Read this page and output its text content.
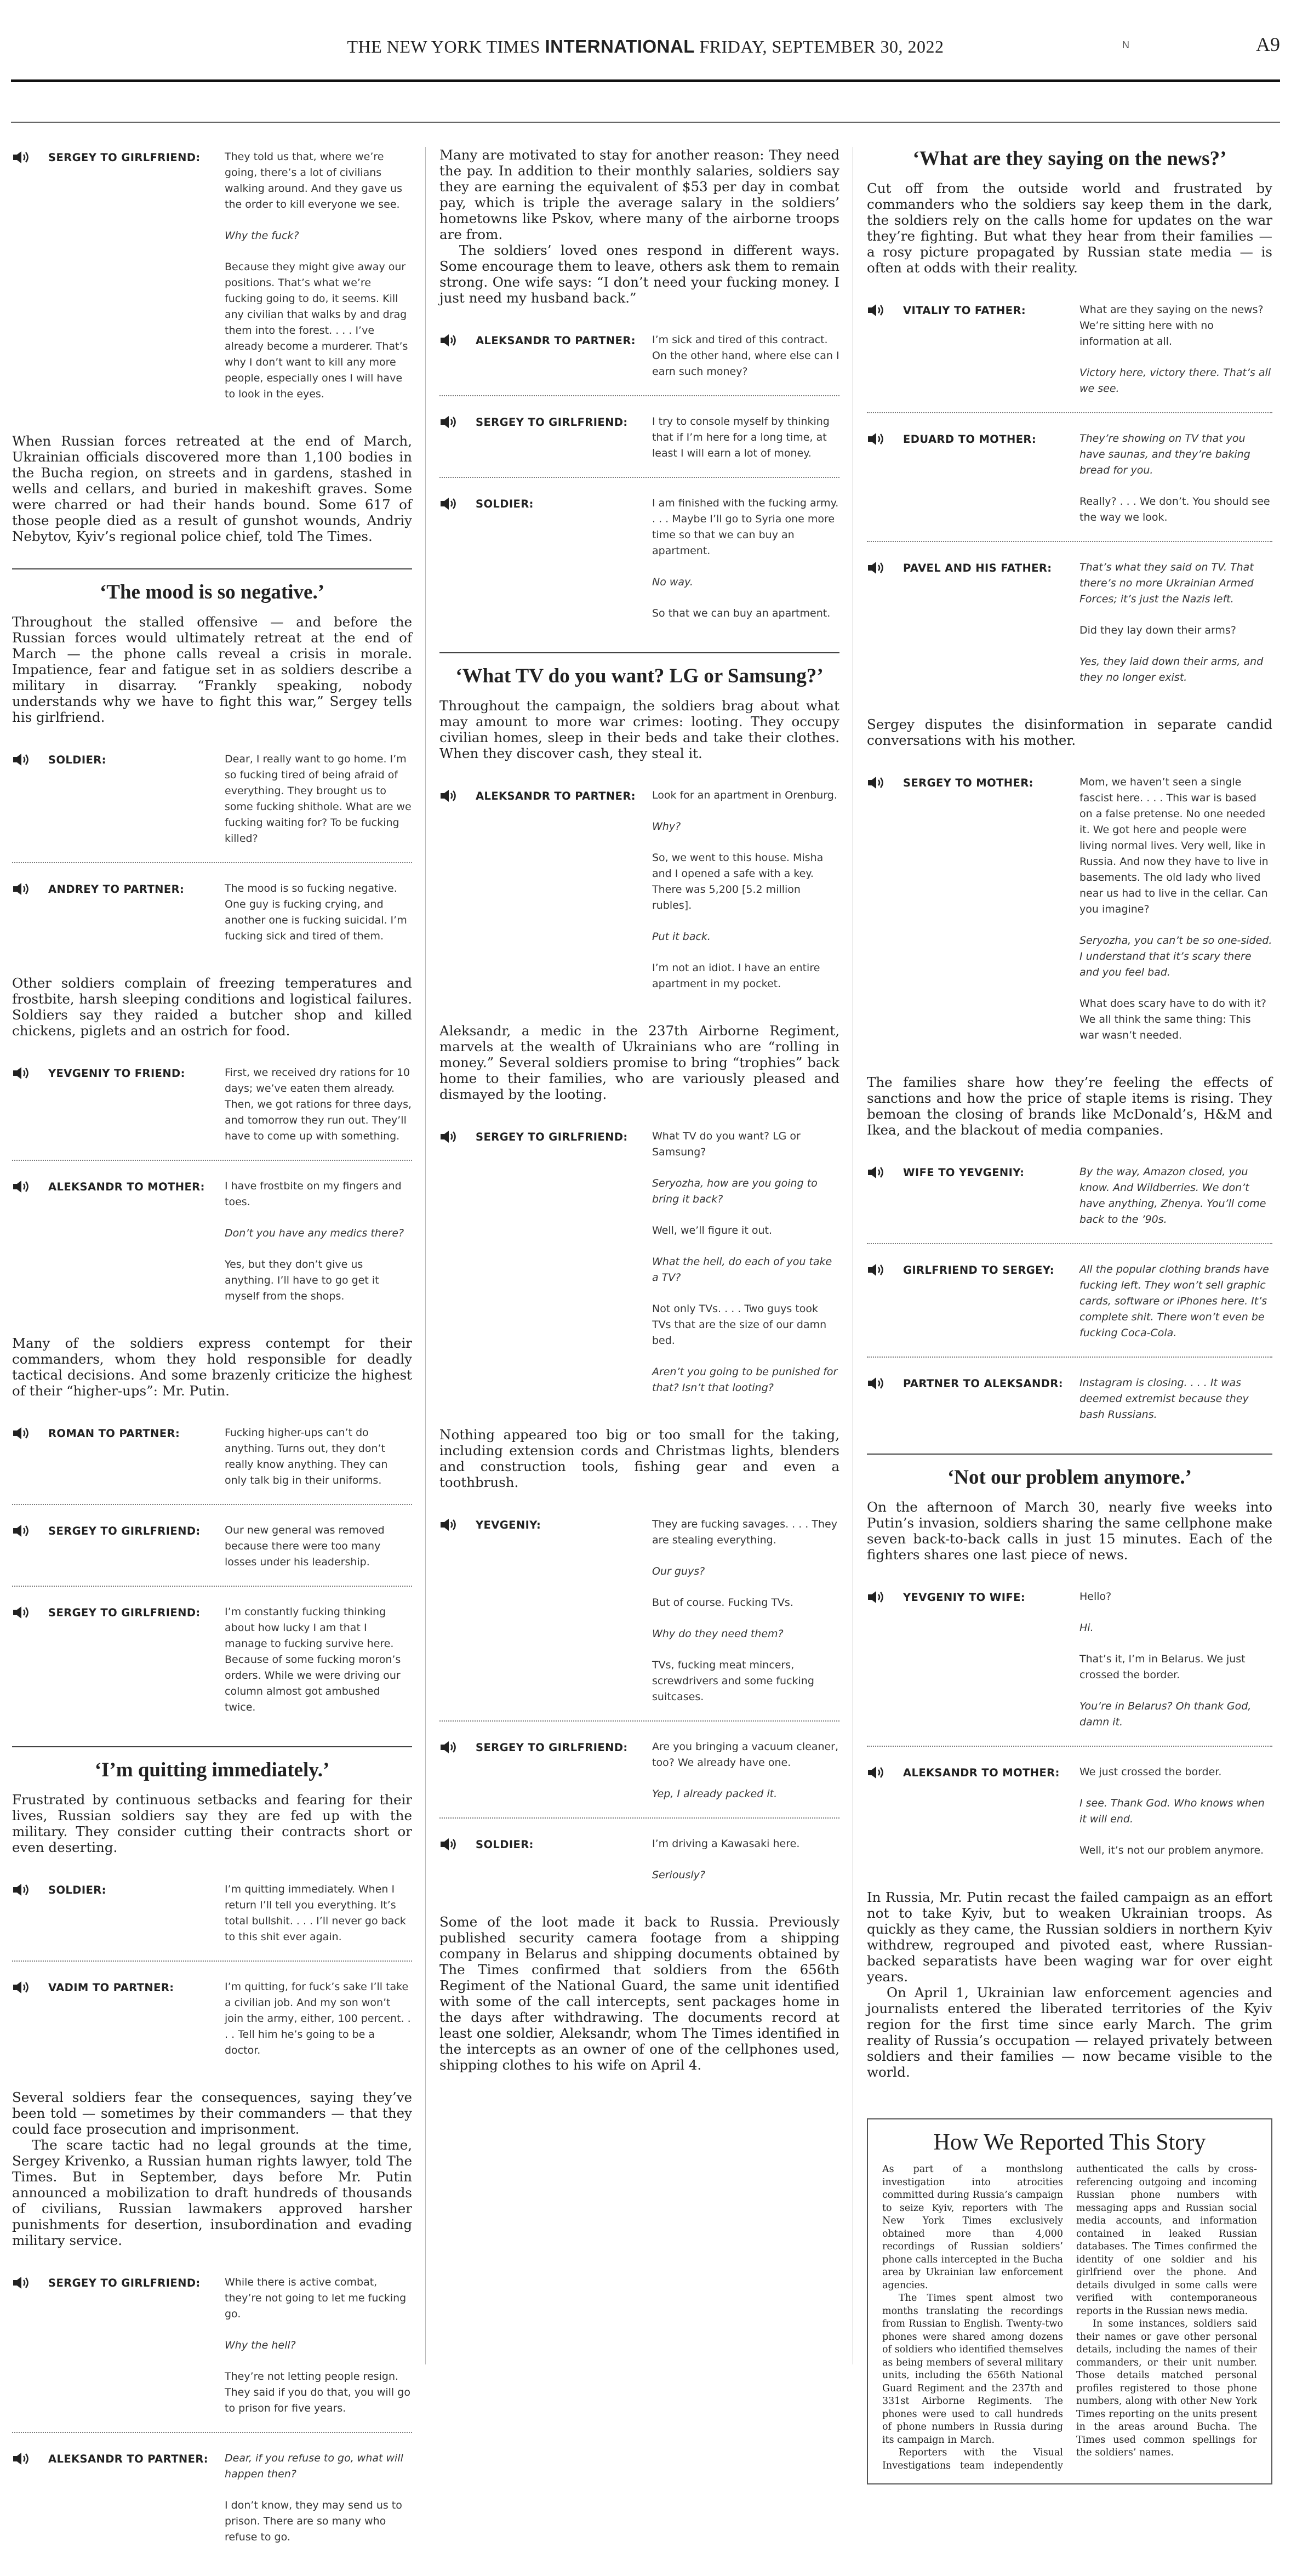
THE NEW YORK TIMES INTERNATIONAL FRIDAY, SEPTEMBER 30, 2022	N	A9
SERGEY TO GIRLFRIEND: They told us that, where we’re going, there’s a lot of civilians walking around. And they gave us the order to kill everyone we see.

Why the fuck?

Because they might give away our positions. That’s what we’re fucking going to do, it seems. Kill any civilian that walks by and drag them into the forest. . . . I’ve already become a murderer. That’s why I don’t want to kill any more people, especially ones I will have to look in the eyes.

When Russian forces retreated at the end of March, Ukrainian officials discovered more than 1,100 bodies in the Bucha region, on streets and in gardens, stashed in wells and cellars, and buried in makeshift graves. Some were charred or had their hands bound. Some 617 of those people died as a result of gunshot wounds, Andriy Nebytov, Kyiv’s regional police chief, told The Times.

‘The mood is so negative.’

Throughout the stalled offensive — and before the Russian forces would ultimately retreat at the end of March — the phone calls reveal a crisis in morale. Impatience, fear and fatigue set in as soldiers describe a military in disarray. “Frankly speaking, nobody understands why we have to fight this war,” Sergey tells his girlfriend.

SOLDIER:	Dear, I really want to go home. I’m so fucking tired of being afraid of everything. They brought us to some fucking shithole. What are we fucking waiting for? To be fucking killed?

ANDREY TO PARTNER:	The mood is so fucking negative. One guy is fucking crying, and another one is fucking suicidal. I’m fucking sick and tired of them.

Other soldiers complain of freezing temperatures and frostbite, harsh sleeping conditions and logistical failures. Soldiers say they raided a butcher shop and killed chickens, piglets and an ostrich for food.

YEVGENIY TO FRIEND:	First, we received dry rations for 10 days; we’ve eaten them already. Then, we got rations for three days, and tomorrow they run out. They’ll have to come up with something.

ALEKSANDR TO MOTHER: I have frostbite on my fingers and toes.

Don’t you have any medics there?

Yes, but they don’t give us anything. I’ll have to go get it myself from the shops.

Many of the soldiers express contempt for their commanders, whom they hold responsible for deadly tactical decisions. And some brazenly criticize the highest of their “higher-ups”: Mr. Putin.

ROMAN TO PARTNER:	Fucking higher-ups can’t do anything. Turns out, they don’t really know anything. They can only talk big in their uniforms.

SERGEY TO GIRLFRIEND: Our new general was removed because there were too many losses under his leadership.

SERGEY TO GIRLFRIEND: I’m constantly fucking thinking about how lucky I am that I manage to fucking survive here. Because of some fucking moron’s orders. While we were driving our column almost got ambushed twice.

‘I’m quitting immediately.’

Frustrated by continuous setbacks and fearing for their lives, Russian soldiers say they are fed up with the military. They consider cutting their contracts short or even deserting.

SOLDIER:	I’m quitting immediately. When I return I’ll tell you everything. It’s total bullshit. . . . I’ll never go back to this shit ever again.

VADIM TO PARTNER:	I’m quitting, for fuck’s sake I’ll take a civilian job. And my son won’t join the army, either, 100 percent. . . . Tell him he’s going to be a doctor.

Several soldiers fear the consequences, saying they’ve been told — sometimes by their commanders — that they could face prosecution and imprisonment.

The scare tactic had no legal grounds at the time, Sergey Krivenko, a Russian human rights lawyer, told The Times. But in September, days before Mr. Putin announced a mobilization to draft hundreds of thousands of civilians, Russian lawmakers approved harsher punishments for desertion, insubordination and evading military service.

SERGEY TO GIRLFRIEND: While there is active combat, they’re not going to let me fucking go.

Why the hell?

They’re not letting people resign. They said if you do that, you will go to prison for five years.

ALEKSANDR TO PARTNER: Dear, if you refuse to go, what will happen then?

I don’t know, they may send us to prison. There are so many who refuse to go.

Many are motivated to stay for another reason: They need the pay. In addition to their monthly salaries, soldiers say they are earning the equivalent of $53 per day in combat pay, which is triple the average salary in the soldiers’ hometowns like Pskov, where many of the airborne troops are from.

The soldiers’ loved ones respond in different ways. Some encourage them to leave, others ask them to remain strong. One wife says: “I don’t need your fucking money. I just need my husband back.”

ALEKSANDR TO PARTNER: I’m sick and tired of this contract. On the other hand, where else can I earn such money?

SERGEY TO GIRLFRIEND: I try to console myself by thinking that if I’m here for a long time, at least I will earn a lot of money.

SOLDIER:	I am finished with the fucking army. . . . Maybe I’ll go to Syria one more time so that we can buy an apartment.

No way.

So that we can buy an apartment.

‘What TV do you want? LG or Samsung?’

Throughout the campaign, the soldiers brag about what may amount to more war crimes: looting. They occupy civilian homes, sleep in their beds and take their clothes. When they discover cash, they steal it.

ALEKSANDR TO PARTNER: Look for an apartment in Orenburg.

Why?

So, we went to this house. Misha and I opened a safe with a key. There was 5,200 [5.2 million rubles].

Put it back.

I’m not an idiot. I have an entire apartment in my pocket.

Aleksandr, a medic in the 237th Airborne Regiment, marvels at the wealth of Ukrainians who are “rolling in money.” Several soldiers promise to bring “trophies” back home to their families, who are variously pleased and dismayed by the looting.

SERGEY TO GIRLFRIEND: What TV do you want? LG or Samsung?

Seryozha, how are you going to bring it back?

Well, we’ll figure it out.

What the hell, do each of you take a TV?

Not only TVs. . . . Two guys took TVs that are the size of our damn bed.

Aren’t you going to be punished for that? Isn’t that looting?

Nothing appeared too big or too small for the taking, including extension cords and Christmas lights, blenders and construction tools, fishing gear and even a toothbrush.

YEVGENIY:	They are fucking savages. . . . They are stealing everything.

Our guys?

But of course. Fucking TVs.

Why do they need them?

TVs, fucking meat mincers, screwdrivers and some fucking suitcases.

SERGEY TO GIRLFRIEND: Are you bringing a vacuum cleaner, too? We already have one.

Yep, I already packed it.

SOLDIER:	I’m driving a Kawasaki here.

Seriously?

Some of the loot made it back to Russia. Previously published security camera footage from a shipping company in Belarus and shipping documents obtained by The Times confirmed that soldiers from the 656th Regiment of the National Guard, the same unit identified with some of the call intercepts, sent packages home in the days after withdrawing. The documents record at least one soldier, Aleksandr, whom The Times identified in the intercepts as an owner of one of the cellphones used, shipping clothes to his wife on April 4.

‘What are they saying on the news?’

Cut off from the outside world and frustrated by commanders who the soldiers say keep them in the dark, the soldiers rely on the calls home for updates on the war they’re fighting. But what they hear from their families — a rosy picture propagated by Russian state media — is often at odds with their reality.

VITALIY TO FATHER:	What are they saying on the news? We’re sitting here with no information at all.

Victory here, victory there. That’s all we see.

EDUARD TO MOTHER:	They’re showing on TV that you have saunas, and they’re baking bread for you.

Really? . . . We don’t. You should see the way we look.

PAVEL AND HIS FATHER:	That’s what they said on TV. That there’s no more Ukrainian Armed Forces; it’s just the Nazis left.

Did they lay down their arms?

Yes, they laid down their arms, and they no longer exist.

Sergey disputes the disinformation in separate candid conversations with his mother.

SERGEY TO MOTHER:	Mom, we haven’t seen a single fascist here. . . . This war is based on a false pretense. No one needed it. We got here and people were living normal lives. Very well, like in Russia. And now they have to live in basements. The old lady who lived near us had to live in the cellar. Can you imagine?

Seryozha, you can’t be so one-sided. I understand that it’s scary there and you feel bad.

What does scary have to do with it? We all think the same thing: This war wasn’t needed.

The families share how they’re feeling the effects of sanctions and how the price of staple items is rising. They bemoan the closing of brands like McDonald’s, H&M and Ikea, and the blackout of media companies.

WIFE TO YEVGENIY:	By the way, Amazon closed, you know. And Wildberries. We don’t have anything, Zhenya. You’ll come back to the ’90s.

GIRLFRIEND TO SERGEY: All the popular clothing brands have fucking left. They won’t sell graphic cards, software or iPhones here. It’s complete shit. There won’t even be fucking Coca-Cola.

PARTNER TO ALEKSANDR: Instagram is closing. . . . It was deemed extremist because they bash Russians.

‘Not our problem anymore.’

On the afternoon of March 30, nearly five weeks into Putin’s invasion, soldiers sharing the same cellphone make seven back-to-back calls in just 15 minutes. Each of the fighters shares one last piece of news.

YEVGENIY TO WIFE:	Hello?

Hi.

That’s it, I’m in Belarus. We just crossed the border.

You’re in Belarus? Oh thank God, damn it.

ALEKSANDR TO MOTHER: We just crossed the border.

I see. Thank God. Who knows when it will end.

Well, it’s not our problem anymore.

In Russia, Mr. Putin recast the failed campaign as an effort not to take Kyiv, but to weaken Ukrainian troops. As quickly as they came, the Russian soldiers in northern Kyiv withdrew, regrouped and pivoted east, where Russian-backed separatists have been waging war for over eight years.

On April 1, Ukrainian law enforcement agencies and journalists entered the liberated territories of the Kyiv region for the first time since early March. The grim reality of Russia’s occupation — relayed privately between soldiers and their families — now became visible to the world.

How We Reported This Story

As part of a monthslong investigation into atrocities committed during Russia’s campaign to seize Kyiv, reporters with The New York Times exclusively obtained more than 4,000 recordings of Russian soldiers’ phone calls intercepted in the Bucha area by Ukrainian law enforcement agencies.

The Times spent almost two months translating the recordings from Russian to English. Twenty-two phones were shared among dozens of soldiers who identified themselves as being members of several military units, including the 656th National Guard Regiment and the 237th and 331st Airborne Regiments. The phones were used to call hundreds of phone numbers in Russia during its campaign in March.

Reporters with the Visual Investigations team independently authenticated the calls by cross-referencing outgoing and incoming Russian phone numbers with messaging apps and Russian social media accounts, and information contained in leaked Russian databases. The Times confirmed the identity of one soldier and his girlfriend over the phone. And details divulged in some calls were verified with contemporaneous reports in the Russian news media.

In some instances, soldiers said their names or gave other personal details, including the names of their commanders, or their unit number. Those details matched personal profiles registered to those phone numbers, along with other New York Times reporting on the units present in the areas around Bucha. The Times used common spellings for the soldiers’ names.
